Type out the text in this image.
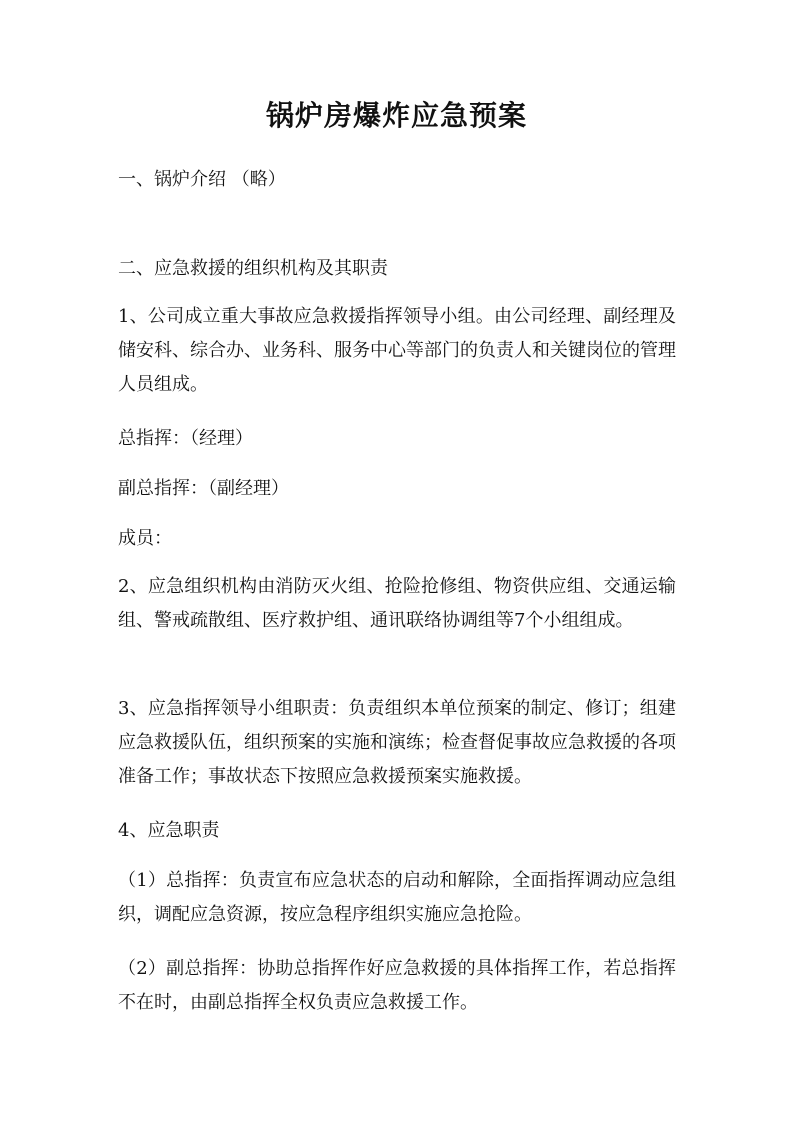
锅炉房爆炸应急预案

一、锅炉介绍 （略）

二、应急救援的组织机构及其职责

1、公司成立重大事故应急救援指挥领导小组。由公司经理、副经理及储安科、综合办、业务科、服务中心等部门的负责人和关键岗位的管理人员组成。

总指挥：（经理）

副总指挥：（副经理）

成员：

2、应急组织机构由消防灭火组、抢险抢修组、物资供应组、交通运输组、警戒疏散组、医疗救护组、通讯联络协调组等7个小组组成。

3、应急指挥领导小组职责：负责组织本单位预案的制定、修订；组建应急救援队伍，组织预案的实施和演练；检查督促事故应急救援的各项准备工作；事故状态下按照应急救援预案实施救援。

4、应急职责

（1）总指挥：负责宣布应急状态的启动和解除，全面指挥调动应急组织，调配应急资源，按应急程序组织实施应急抢险。

（2）副总指挥：协助总指挥作好应急救援的具体指挥工作，若总指挥不在时，由副总指挥全权负责应急救援工作。
